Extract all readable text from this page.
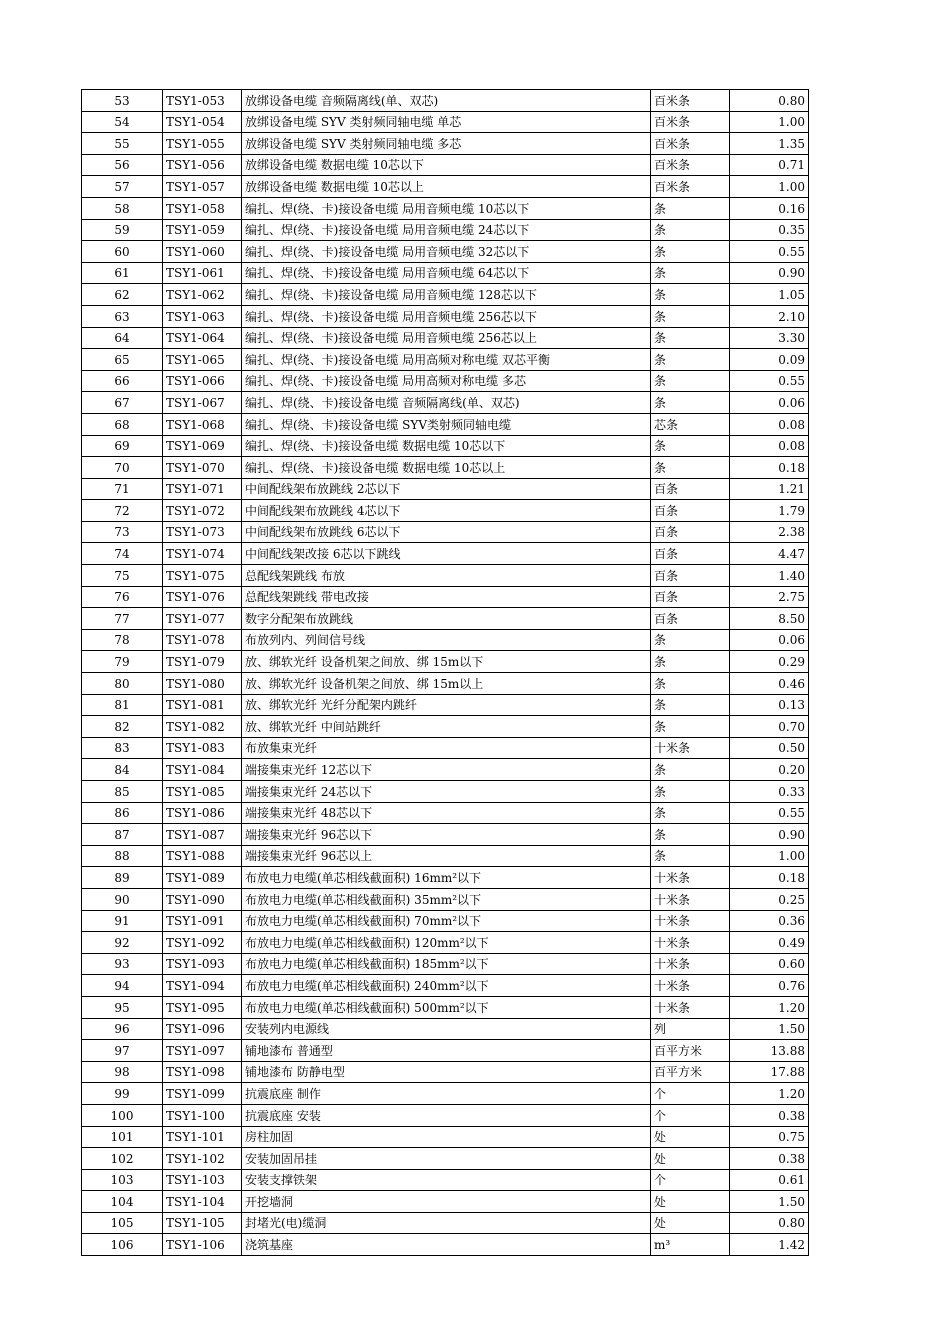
53	TSY1-053	放绑设备电缆 音频隔离线(单、双芯)	百米条	0.80
54	TSY1-054	放绑设备电缆 SYV 类射频同轴电缆 单芯	百米条	1.00
55	TSY1-055	放绑设备电缆 SYV 类射频同轴电缆 多芯	百米条	1.35
56	TSY1-056	放绑设备电缆 数据电缆 10芯以下	百米条	0.71
57	TSY1-057	放绑设备电缆 数据电缆 10芯以上	百米条	1.00
58	TSY1-058	编扎、焊(绕、卡)接设备电缆 局用音频电缆 10芯以下	条	0.16
59	TSY1-059	编扎、焊(绕、卡)接设备电缆 局用音频电缆 24芯以下	条	0.35
60	TSY1-060	编扎、焊(绕、卡)接设备电缆 局用音频电缆 32芯以下	条	0.55
61	TSY1-061	编扎、焊(绕、卡)接设备电缆 局用音频电缆 64芯以下	条	0.90
62	TSY1-062	编扎、焊(绕、卡)接设备电缆 局用音频电缆 128芯以下	条	1.05
63	TSY1-063	编扎、焊(绕、卡)接设备电缆 局用音频电缆 256芯以下	条	2.10
64	TSY1-064	编扎、焊(绕、卡)接设备电缆 局用音频电缆 256芯以上	条	3.30
65	TSY1-065	编扎、焊(绕、卡)接设备电缆 局用高频对称电缆 双芯平衡	条	0.09
66	TSY1-066	编扎、焊(绕、卡)接设备电缆 局用高频对称电缆 多芯	条	0.55
67	TSY1-067	编扎、焊(绕、卡)接设备电缆 音频隔离线(单、双芯)	条	0.06
68	TSY1-068	编扎、焊(绕、卡)接设备电缆 SYV类射频同轴电缆	芯条	0.08
69	TSY1-069	编扎、焊(绕、卡)接设备电缆 数据电缆 10芯以下	条	0.08
70	TSY1-070	编扎、焊(绕、卡)接设备电缆 数据电缆 10芯以上	条	0.18
71	TSY1-071	中间配线架布放跳线 2芯以下	百条	1.21
72	TSY1-072	中间配线架布放跳线 4芯以下	百条	1.79
73	TSY1-073	中间配线架布放跳线 6芯以下	百条	2.38
74	TSY1-074	中间配线架改接 6芯以下跳线	百条	4.47
75	TSY1-075	总配线架跳线 布放	百条	1.40
76	TSY1-076	总配线架跳线 带电改接	百条	2.75
77	TSY1-077	数字分配架布放跳线	百条	8.50
78	TSY1-078	布放列内、列间信号线	条	0.06
79	TSY1-079	放、绑软光纤 设备机架之间放、绑 15m以下	条	0.29
80	TSY1-080	放、绑软光纤 设备机架之间放、绑 15m以上	条	0.46
81	TSY1-081	放、绑软光纤 光纤分配架内跳纤	条	0.13
82	TSY1-082	放、绑软光纤 中间站跳纤	条	0.70
83	TSY1-083	布放集束光纤	十米条	0.50
84	TSY1-084	端接集束光纤 12芯以下	条	0.20
85	TSY1-085	端接集束光纤 24芯以下	条	0.33
86	TSY1-086	端接集束光纤 48芯以下	条	0.55
87	TSY1-087	端接集束光纤 96芯以下	条	0.90
88	TSY1-088	端接集束光纤 96芯以上	条	1.00
89	TSY1-089	布放电力电缆(单芯相线截面积) 16mm²以下	十米条	0.18
90	TSY1-090	布放电力电缆(单芯相线截面积) 35mm²以下	十米条	0.25
91	TSY1-091	布放电力电缆(单芯相线截面积) 70mm²以下	十米条	0.36
92	TSY1-092	布放电力电缆(单芯相线截面积) 120mm²以下	十米条	0.49
93	TSY1-093	布放电力电缆(单芯相线截面积) 185mm²以下	十米条	0.60
94	TSY1-094	布放电力电缆(单芯相线截面积) 240mm²以下	十米条	0.76
95	TSY1-095	布放电力电缆(单芯相线截面积) 500mm²以下	十米条	1.20
96	TSY1-096	安装列内电源线	列	1.50
97	TSY1-097	铺地漆布 普通型	百平方米	13.88
98	TSY1-098	铺地漆布 防静电型	百平方米	17.88
99	TSY1-099	抗震底座 制作	个	1.20
100	TSY1-100	抗震底座 安装	个	0.38
101	TSY1-101	房柱加固	处	0.75
102	TSY1-102	安装加固吊挂	处	0.38
103	TSY1-103	安装支撑铁架	个	0.61
104	TSY1-104	开挖墙洞	处	1.50
105	TSY1-105	封堵光(电)缆洞	处	0.80
106	TSY1-106	浇筑基座	m³	1.42
